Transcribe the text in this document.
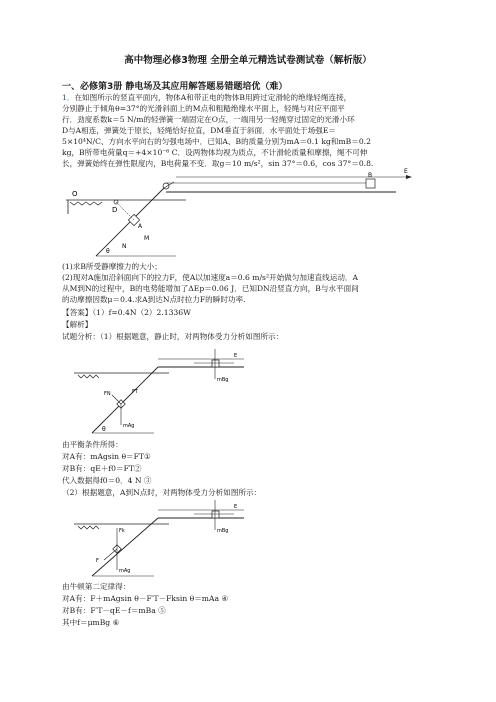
高中物理必修3物理 全册全单元精选试卷测试卷（解析版）
一、必修第3册 静电场及其应用解答题易错题培优（难）
1．在如图所示的竖直平面内，物体A和带正电的物体B用跨过定滑轮的绝缘轻绳连接，
分别静止于倾角θ=37°的光滑斜面上的M点和粗糙绝缘水平面上，轻绳与对应平面平
行．劲度系数k＝5 N/m的轻弹簧一端固定在O点，一端用另一轻绳穿过固定的光滑小环
D与A相连，弹簧处于原长，轻绳恰好拉直，DM垂直于斜面．水平面处于场强E＝
5×10⁴N/C、方向水平向右的匀强电场中．已知A、B的质量分别为mA＝0.1 kg和mB＝0.2
kg，B所带电荷量q＝+4×10⁻⁶ C．设两物体均视为质点，不计滑轮质量和摩擦，绳不可伸
长，弹簧始终在弹性限度内，B电荷量不变．取g＝10 m/s²，sin 37°＝0.6，cos 37°＝0.8.
O
D
θ
A
M
N
B
E
(1)求B所受静摩擦力的大小；
(2)现对A施加沿斜面向下的拉力F，使A以加速度a＝0.6 m/s²开始做匀加速直线运动．A
从M到N的过程中，B的电势能增加了ΔEp＝0.06 J．已知DN沿竖直方向，B与水平面间
的动摩擦因数μ＝0.4.求A到达N点时拉力F的瞬时功率.
【答案】（1）f=0.4N（2）2.1336W
【解析】
试题分析：（1）根据题意，静止时，对两物体受力分析如图所示：
θ	mAg
FT
FN
mBg
E
由平衡条件所得：
对A有：mAgsin θ＝FT①
对B有：qE＋f0＝FT②
代入数据得f0＝0．4 N ③
（2）根据题意，A到N点时，对两物体受力分析如图所示：
mAg
F
Fk	mBg
E
由牛顿第二定律得：
对A有：F＋mAgsin θ－F′T－Fksin θ＝mAa ④
对B有：F′T－qE－f＝mBa ⑤
其中f＝μmBg ⑥
